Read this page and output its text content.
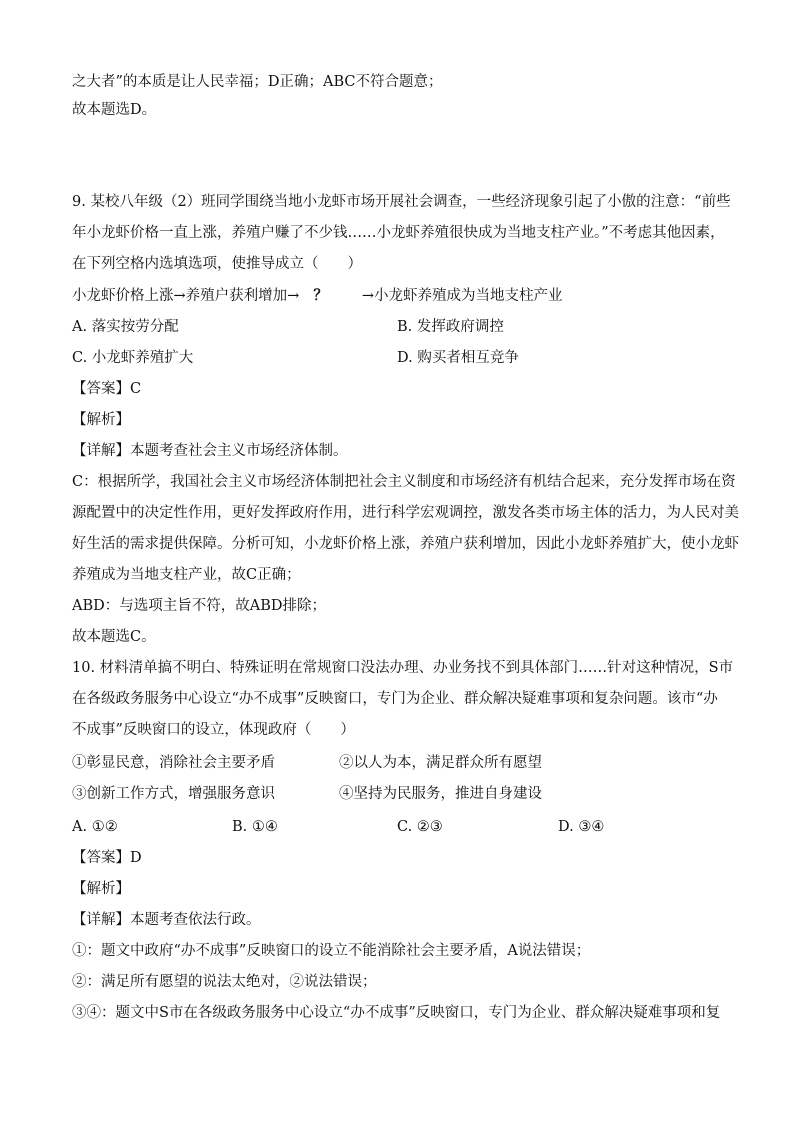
之大者”的本质是让人民幸福；D正确；ABC不符合题意；
故本题选D。
9. 某校八年级（2）班同学围绕当地小龙虾市场开展社会调查，一些经济现象引起了小傲的注意：“前些
年小龙虾价格一直上涨，养殖户赚了不少钱……小龙虾养殖很快成为当地支柱产业。”不考虑其他因素，
在下列空格内选填选项，使推导成立（　　）
小龙虾价格上涨→养殖户获利增加→ ？ →小龙虾养殖成为当地支柱产业
A. 落实按劳分配	B. 发挥政府调控
C. 小龙虾养殖扩大	D. 购买者相互竞争
【答案】C
【解析】
【详解】本题考查社会主义市场经济体制。
C：根据所学，我国社会主义市场经济体制把社会主义制度和市场经济有机结合起来，充分发挥市场在资
源配置中的决定性作用，更好发挥政府作用，进行科学宏观调控，激发各类市场主体的活力，为人民对美
好生活的需求提供保障。分析可知，小龙虾价格上涨，养殖户获利增加，因此小龙虾养殖扩大，使小龙虾
养殖成为当地支柱产业，故C正确；
ABD：与选项主旨不符，故ABD排除；
故本题选C。
10. 材料清单搞不明白、特殊证明在常规窗口没法办理、办业务找不到具体部门……针对这种情况，S市
在各级政务服务中心设立“办不成事”反映窗口，专门为企业、群众解决疑难事项和复杂问题。该市“办
不成事”反映窗口的设立，体现政府（　　）
①彰显民意，消除社会主要矛盾	②以人为本，满足群众所有愿望
③创新工作方式，增强服务意识	④坚持为民服务，推进自身建设
A. ①②	B. ①④	C. ②③	D. ③④
【答案】D
【解析】
【详解】本题考查依法行政。
①：题文中政府“办不成事”反映窗口的设立不能消除社会主要矛盾，A说法错误；
②：满足所有愿望的说法太绝对，②说法错误；
③④：题文中S市在各级政务服务中心设立“办不成事”反映窗口，专门为企业、群众解决疑难事项和复
